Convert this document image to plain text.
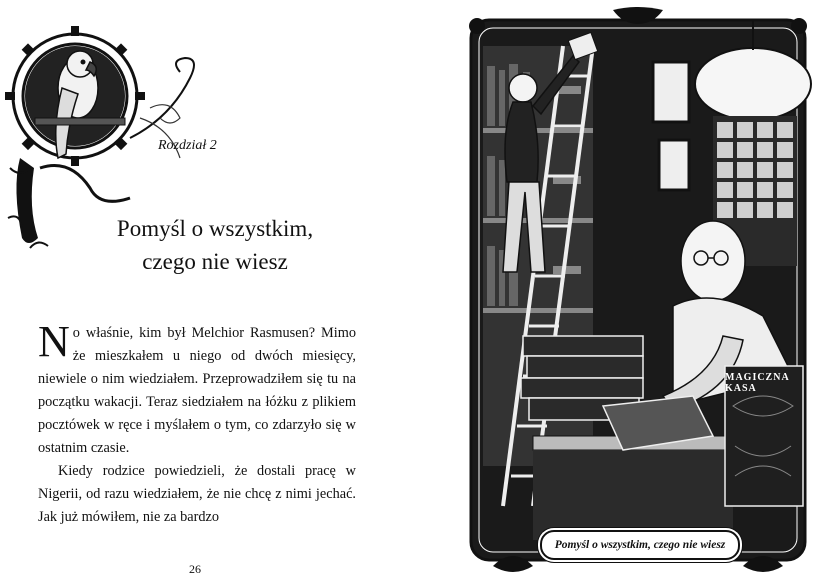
Rozdział 2
Pomyśl o wszystkim,
czego nie wiesz

No właśnie, kim był Melchior Rasmusen? Mimo że mieszkałem u niego od dwóch miesięcy, niewiele o nim wiedziałem. Przeprowadziłem się tu na początku wakacji. Teraz siedziałem na łóżku z plikiem pocztówek w ręce i myślałem o tym, co zdarzyło się w ostatnim czasie.

Kiedy rodzice powiedzieli, że dostali pracę w Nigerii, od razu wiedziałem, że nie chcę z nimi jechać. Jak już mówiłem, nie za bardzo

26
MAGICZNA KASA
Pomyśl o wszystkim, czego nie wiesz
